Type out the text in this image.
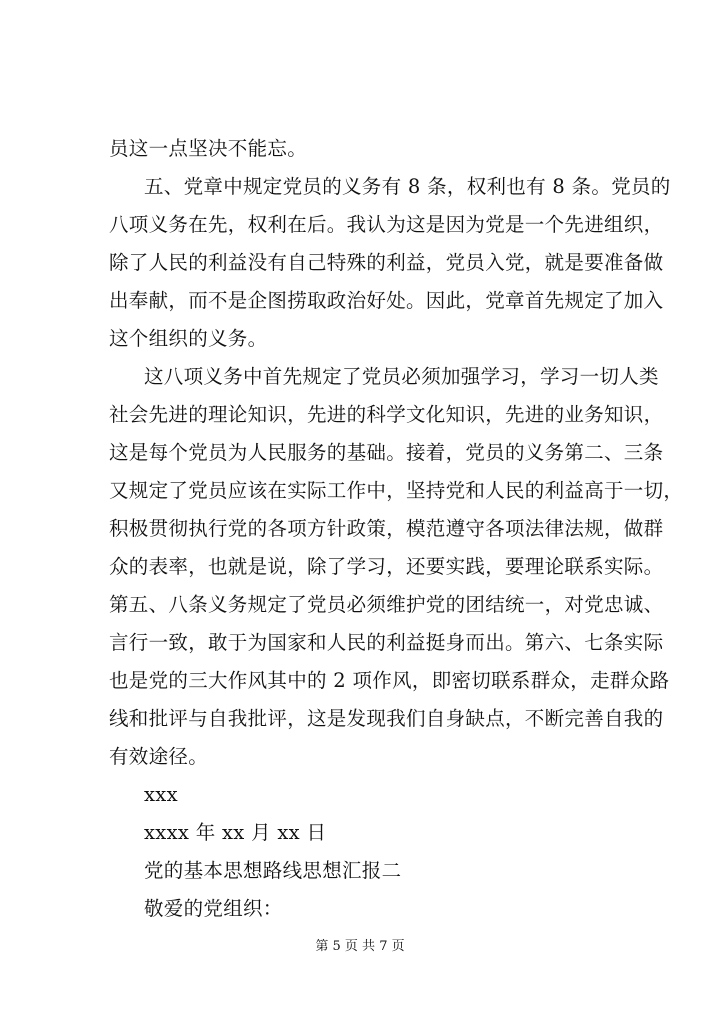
员这一点坚决不能忘。
五、党章中规定党员的义务有 8 条，权利也有 8 条。党员的
八项义务在先，权利在后。我认为这是因为党是一个先进组织，
除了人民的利益没有自己特殊的利益，党员入党，就是要准备做
出奉献，而不是企图捞取政治好处。因此，党章首先规定了加入
这个组织的义务。
这八项义务中首先规定了党员必须加强学习，学习一切人类
社会先进的理论知识，先进的科学文化知识，先进的业务知识，
这是每个党员为人民服务的基础。接着，党员的义务第二、三条
又规定了党员应该在实际工作中，坚持党和人民的利益高于一切，
积极贯彻执行党的各项方针政策，模范遵守各项法律法规，做群
众的表率，也就是说，除了学习，还要实践，要理论联系实际。
第五、八条义务规定了党员必须维护党的团结统一，对党忠诚、
言行一致，敢于为国家和人民的利益挺身而出。第六、七条实际
也是党的三大作风其中的 2 项作风，即密切联系群众，走群众路
线和批评与自我批评，这是发现我们自身缺点，不断完善自我的
有效途径。
xxx
xxxx 年 xx 月 xx 日
党的基本思想路线思想汇报二
敬爱的党组织：
第 5 页 共 7 页
